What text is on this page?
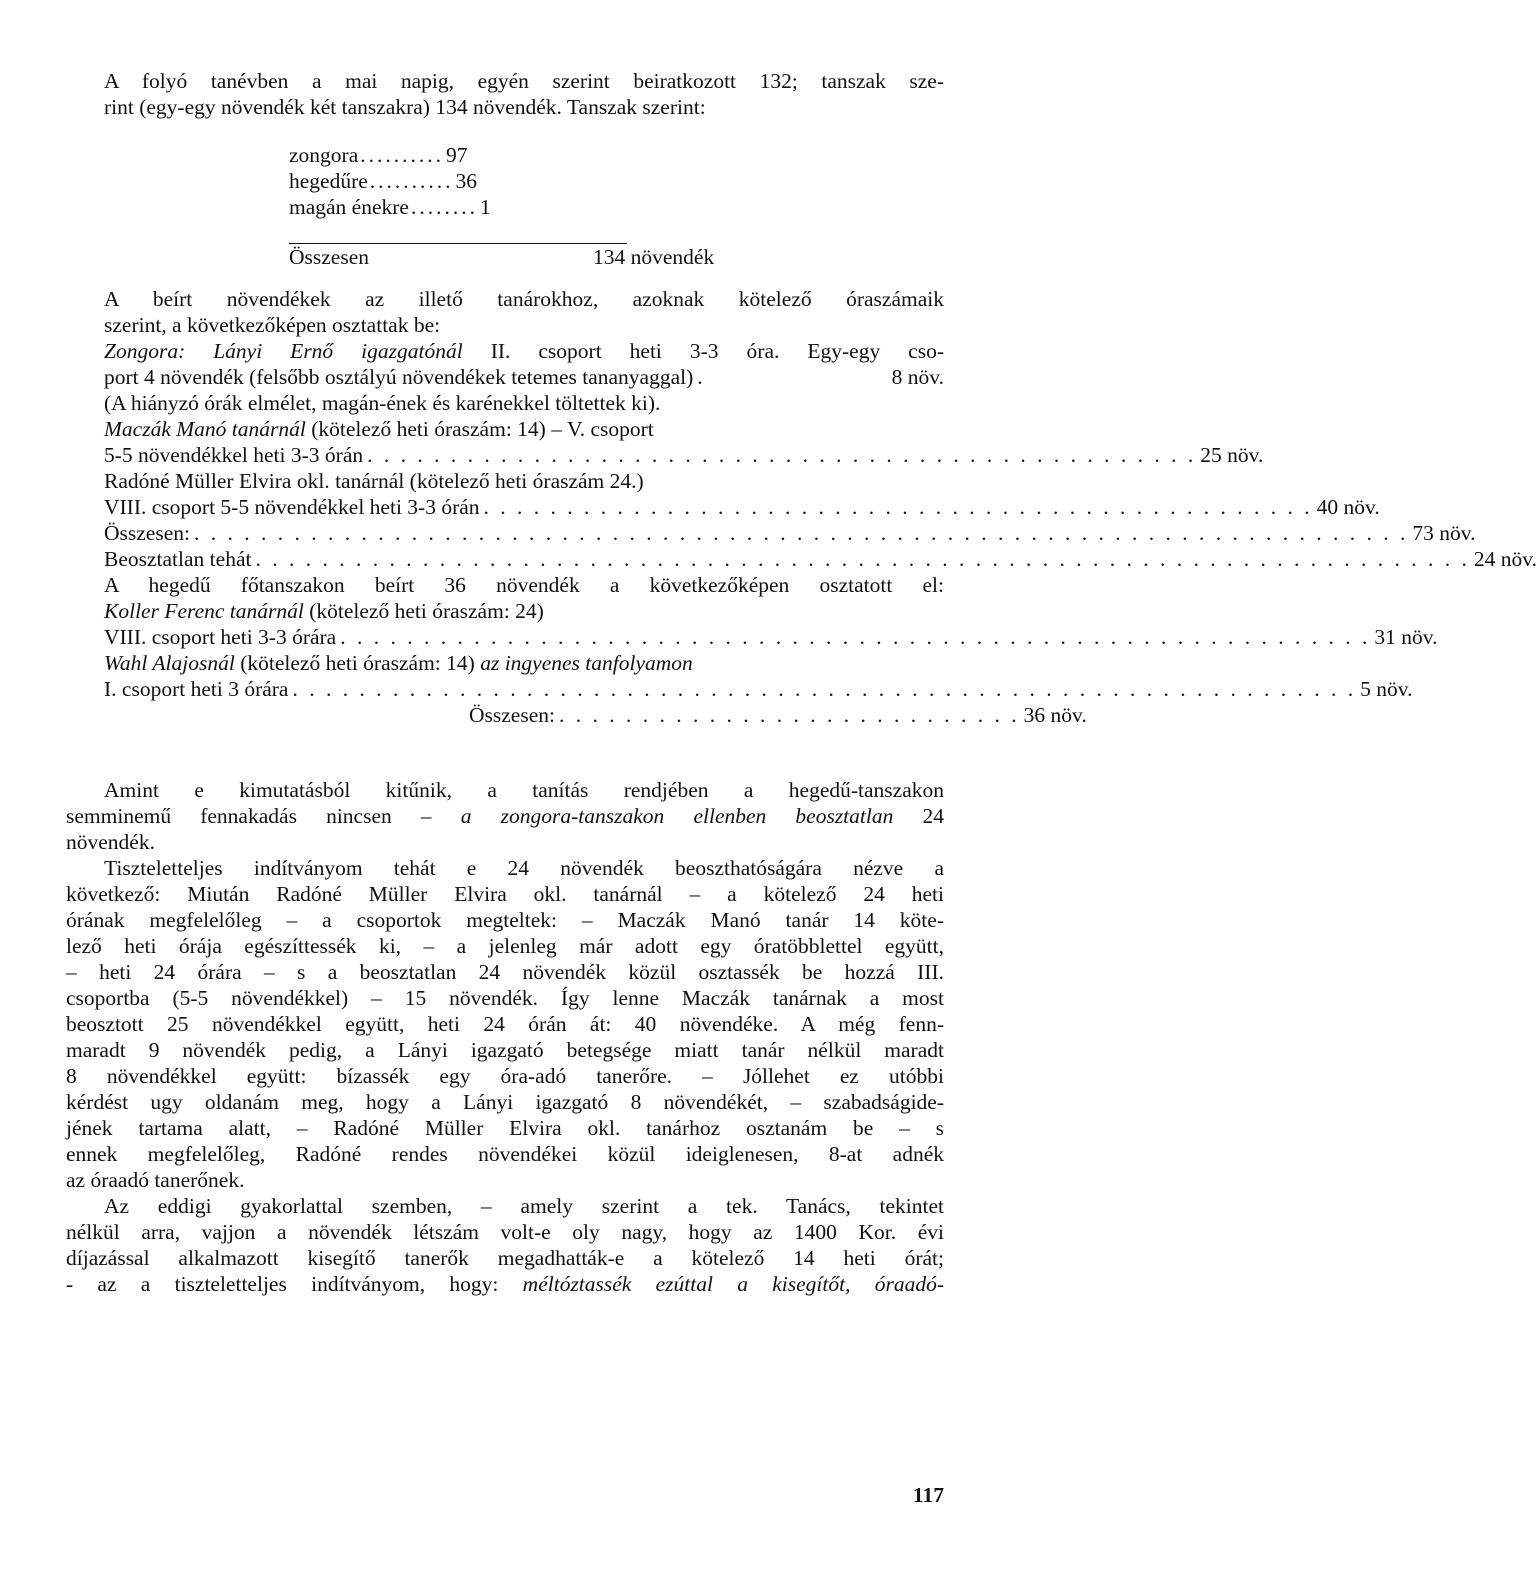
A folyó tanévben a mai napig, egyén szerint beiratkozott 132; tanszak sze-
rint (egy-egy növendék két tanszakra) 134 növendék. Tanszak szerint:
zongora .......... 97
hegedűre .......... 36
magán énekre ........ 1
Összesen	134 növendék
A beírt növendékek az illető tanárokhoz, azoknak kötelező óraszámaik
szerint, a következőképen osztattak be:
Zongora: Lányi Ernő igazgatónál II. csoport heti 3-3 óra. Egy-egy cso-
port 4 növendék (felsőbb osztályú növendékek tetemes tananyaggal) .	8 növ.
(A hiányzó órák elmélet, magán-ének és karénekkel töltettek ki).
Maczák Manó tanárnál (kötelező heti óraszám: 14) – V. csoport
5-5 növendékkel heti 3-3 órán . . . . . . . . . . . . . . . . . . . . . . . . . . . . . . . . . . . . . . . . . . . . . . . . . . 25 növ.
Radóné Müller Elvira okl. tanárnál (kötelező heti óraszám 24.)
VIII. csoport 5-5 növendékkel heti 3-3 órán . . . . . . . . . . . . . . . . . . . . . . . . . . . . . . . . . . . . . . . . . . . . . . . . . . 40 növ.
Összesen: . . . . . . . . . . . . . . . . . . . . . . . . . . . . . . . . . . . . . . . . . . . . . . . . . . . . . . . . . . . . . . . . . . . . . . . . . 73 növ.
Beosztatlan tehát . . . . . . . . . . . . . . . . . . . . . . . . . . . . . . . . . . . . . . . . . . . . . . . . . . . . . . . . . . . . . . . . . . . . . . . . . 24 növ.
A hegedű főtanszakon beírt 36 növendék a következőképen osztatott el:
Koller Ferenc tanárnál (kötelező heti óraszám: 24)
VIII. csoport heti 3-3 órára . . . . . . . . . . . . . . . . . . . . . . . . . . . . . . . . . . . . . . . . . . . . . . . . . . . . . . . . . . . . . . 31 növ.
Wahl Alajosnál (kötelező heti óraszám: 14) az ingyenes tanfolyamon
I. csoport heti 3 órára . . . . . . . . . . . . . . . . . . . . . . . . . . . . . . . . . . . . . . . . . . . . . . . . . . . . . . . . . . . . . . . . 5 növ.
Összesen: . . . . . . . . . . . . . . . . . . . . . . . . . . . . 36 növ.
Amint e kimutatásból kitűnik, a tanítás rendjében a hegedű-tanszakon
semminemű fennakadás nincsen – a zongora-tanszakon ellenben beosztatlan 24
növendék.
Tiszteletteljes indítványom tehát e 24 növendék beoszthatóságára nézve a
következő: Miután Radóné Müller Elvira okl. tanárnál – a kötelező 24 heti
órának megfelelőleg – a csoportok megteltek: – Maczák Manó tanár 14 köte-
lező heti órája egészíttessék ki, – a jelenleg már adott egy óratöbblettel együtt,
– heti 24 órára – s a beosztatlan 24 növendék közül osztassék be hozzá III.
csoportba (5-5 növendékkel) – 15 növendék. Így lenne Maczák tanárnak a most
beosztott 25 növendékkel együtt, heti 24 órán át: 40 növendéke. A még fenn-
maradt 9 növendék pedig, a Lányi igazgató betegsége miatt tanár nélkül maradt
8 növendékkel együtt: bízassék egy óra-adó tanerőre. – Jóllehet ez utóbbi
kérdést ugy oldanám meg, hogy a Lányi igazgató 8 növendékét, – szabadságide-
jének tartama alatt, – Radóné Müller Elvira okl. tanárhoz osztanám be – s
ennek megfelelőleg, Radóné rendes növendékei közül ideiglenesen, 8-at adnék
az óraadó tanerőnek.
Az eddigi gyakorlattal szemben, – amely szerint a tek. Tanács, tekintet
nélkül arra, vajjon a növendék létszám volt-e oly nagy, hogy az 1400 Kor. évi
díjazással alkalmazott kisegítő tanerők megadhatták-e a kötelező 14 heti órát;
- az a tiszteletteljes indítványom, hogy: méltóztassék ezúttal a kisegítőt, óraadó-
117
